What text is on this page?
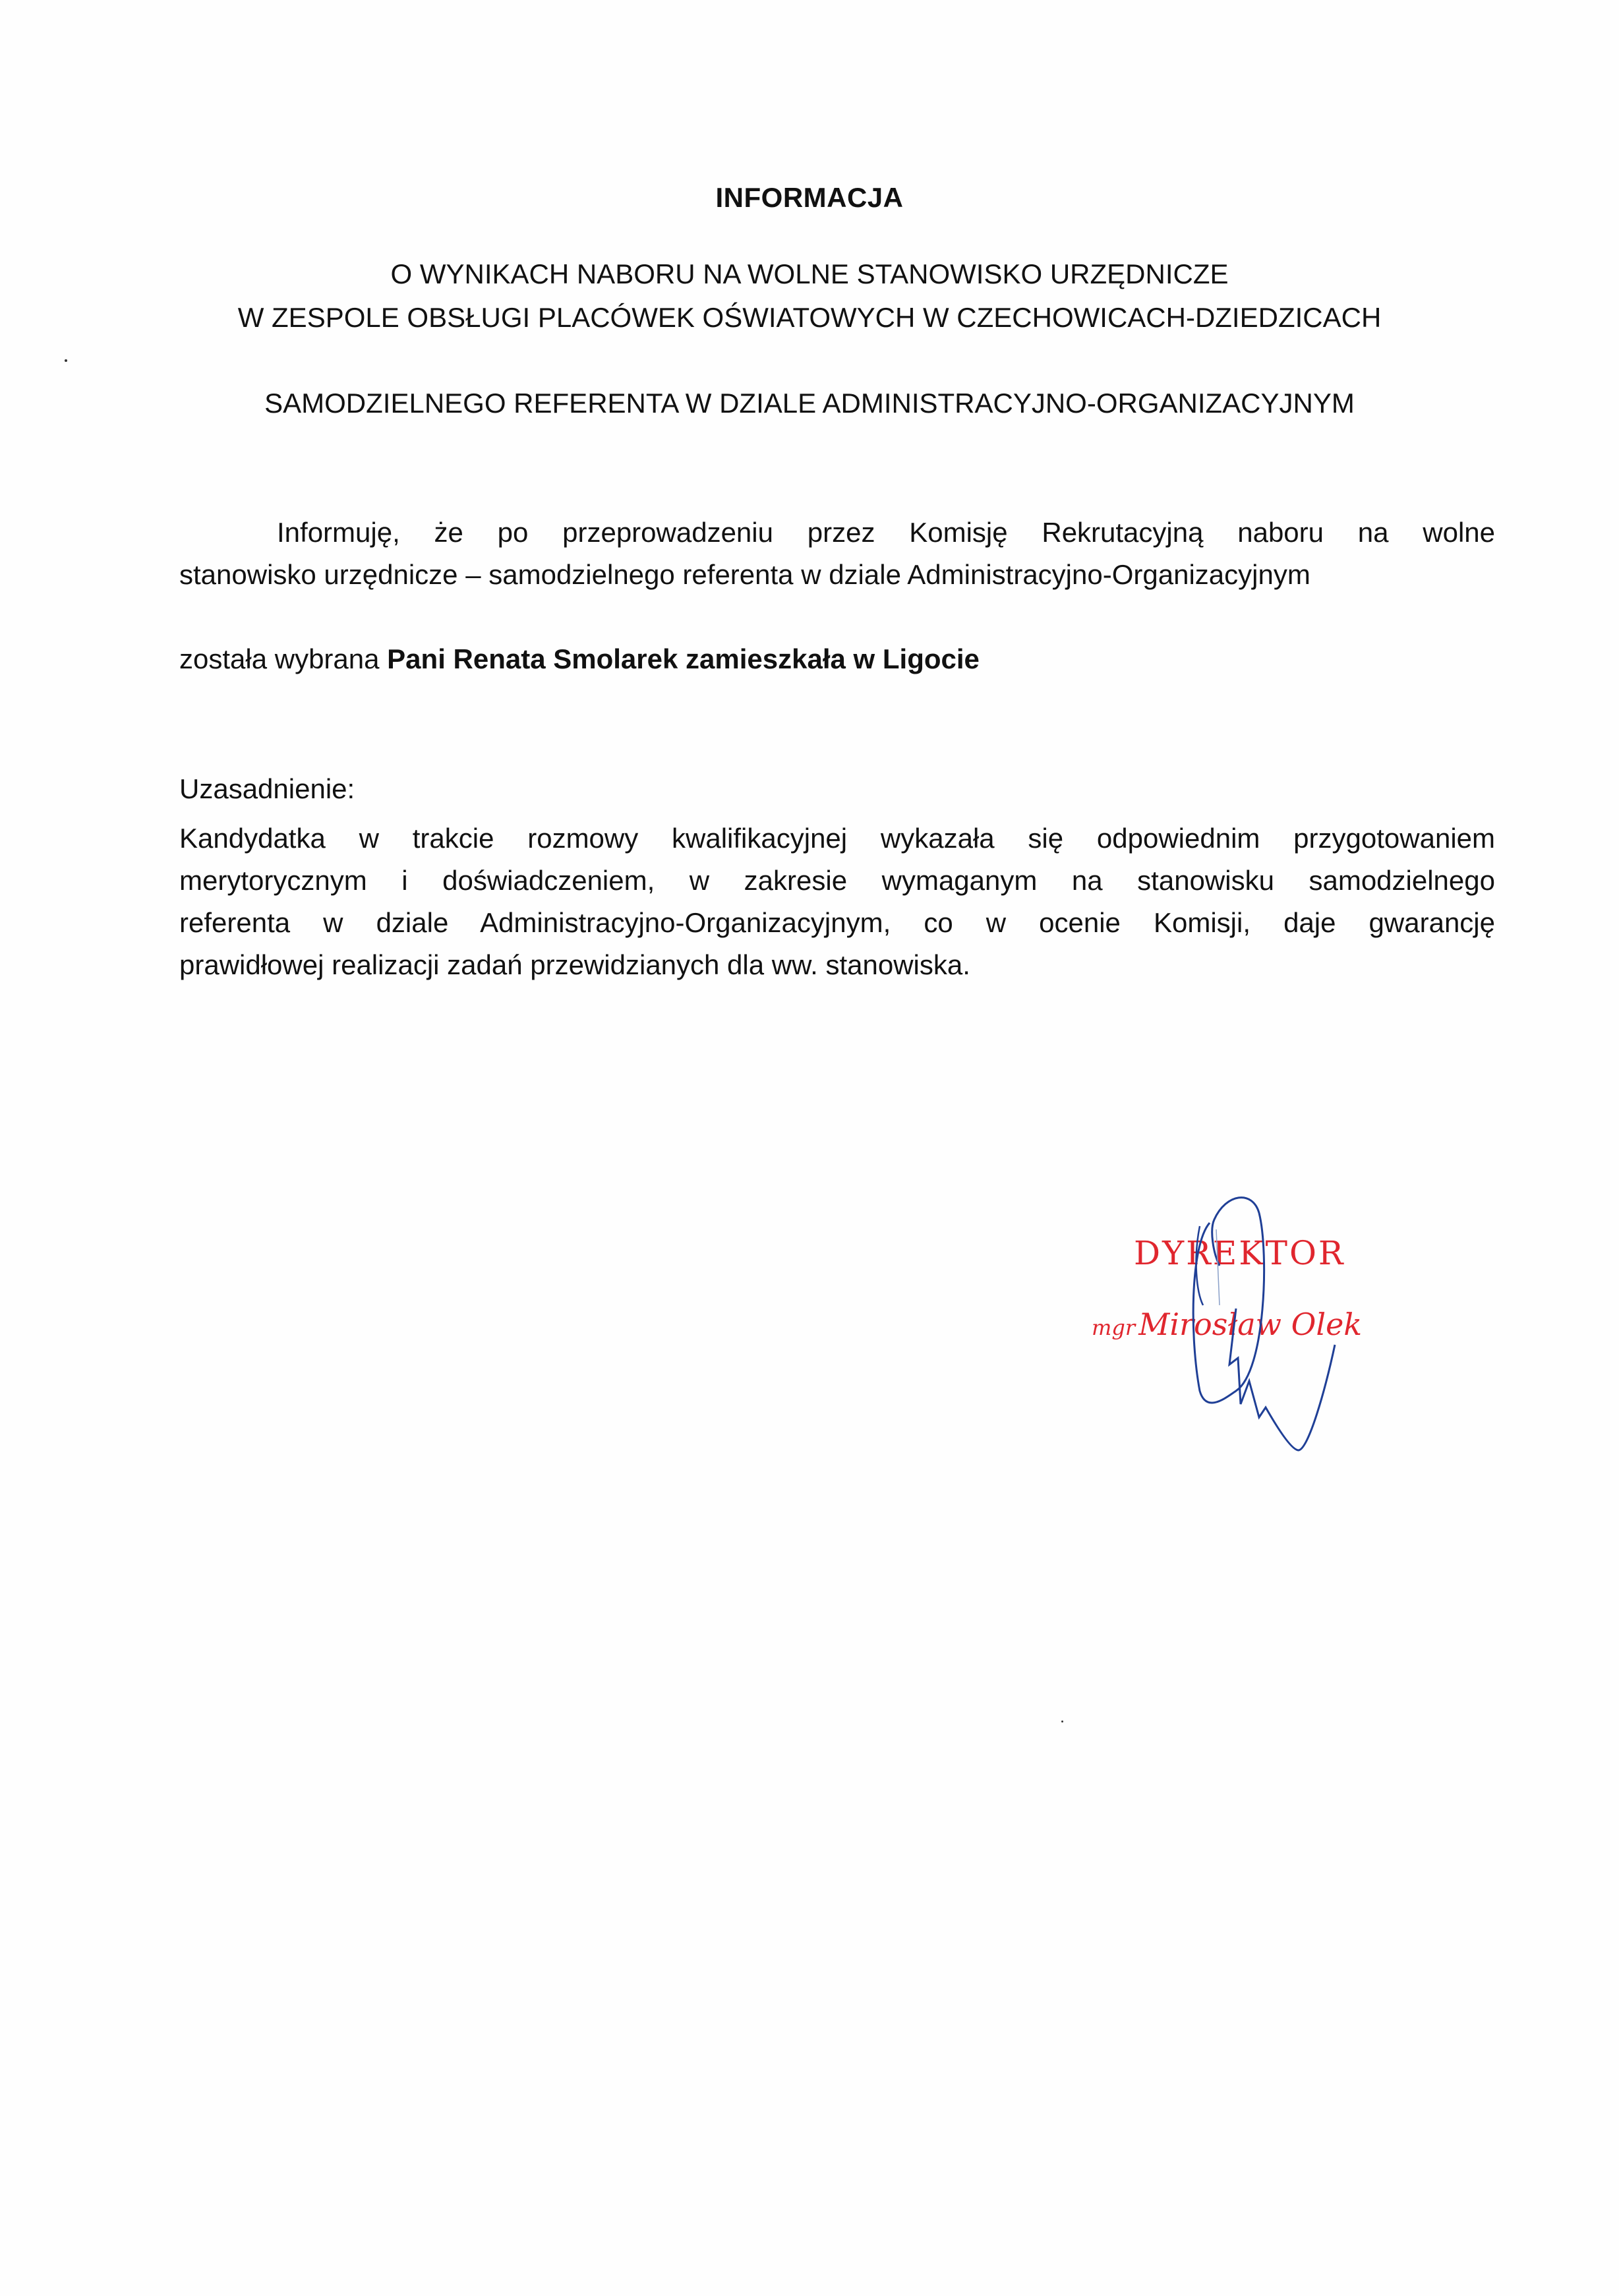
INFORMACJA
O WYNIKACH NABORU NA WOLNE STANOWISKO URZĘDNICZE
W ZESPOLE OBSŁUGI PLACÓWEK OŚWIATOWYCH W CZECHOWICACH-DZIEDZICACH
SAMODZIELNEGO REFERENTA W DZIALE ADMINISTRACYJNO-ORGANIZACYJNYM
Informuję, że po przeprowadzeniu przez Komisję Rekrutacyjną naboru na wolne
stanowisko urzędnicze – samodzielnego referenta w dziale Administracyjno-Organizacyjnym
została wybrana Pani Renata Smolarek zamieszkała w Ligocie
Uzasadnienie:
Kandydatka w trakcie rozmowy kwalifikacyjnej wykazała się odpowiednim przygotowaniem
merytorycznym i doświadczeniem, w zakresie wymaganym na stanowisku samodzielnego
referenta w dziale Administracyjno-Organizacyjnym, co w ocenie Komisji, daje gwarancję
prawidłowej realizacji zadań przewidzianych dla ww. stanowiska.
DYREKTOR
mgr Mirosław Olek
